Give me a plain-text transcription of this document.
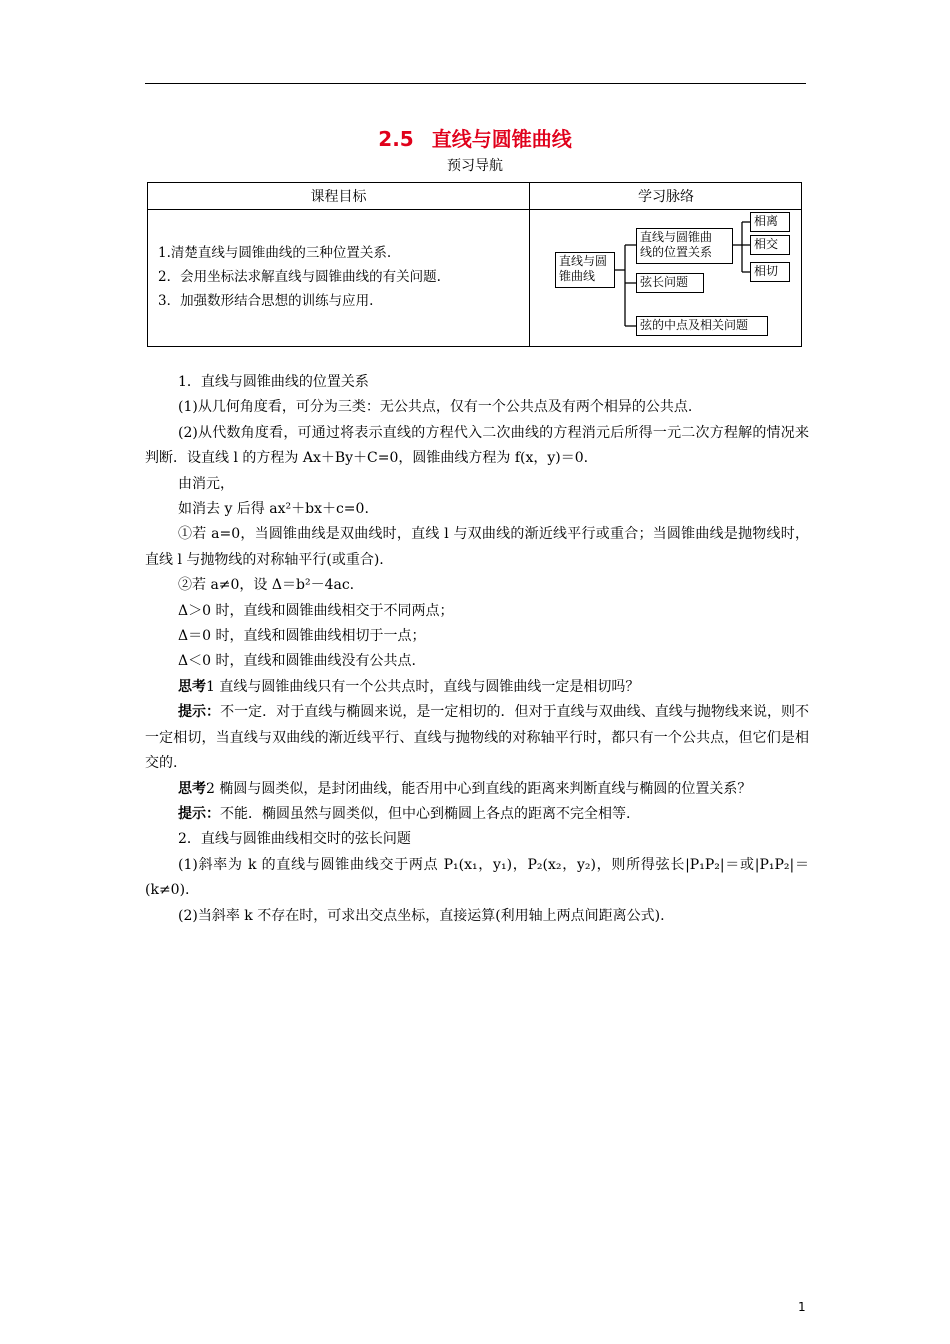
2.5 直线与圆锥曲线
预习导航
课程目标	学习脉络
1.清楚直线与圆锥曲线的三种位置关系.
2．会用坐标法求解直线与圆锥曲线的有关问题.
3．加强数形结合思想的训练与应用.
直线与圆
锥曲线
直线与圆锥曲
线的位置关系
相离
相交
相切
弦长问题
弦的中点及相关问题

1．直线与圆锥曲线的位置关系

(1)从几何角度看，可分为三类：无公共点，仅有一个公共点及有两个相异的公共点.

(2)从代数角度看，可通过将表示直线的方程代入二次曲线的方程消元后所得一元二次方程解的情况来判断．设直线 l 的方程为 Ax＋By＋C=0，圆锥曲线方程为 f(x，y)＝0.

由消元，

如消去 y 后得 ax²＋bx＋c=0.

①若 a=0，当圆锥曲线是双曲线时，直线 l 与双曲线的渐近线平行或重合；当圆锥曲线是抛物线时，直线 l 与抛物线的对称轴平行(或重合).

②若 a≠0，设 Δ＝b²－4ac.

Δ＞0 时，直线和圆锥曲线相交于不同两点；

Δ＝0 时，直线和圆锥曲线相切于一点；

Δ＜0 时，直线和圆锥曲线没有公共点.

思考1 直线与圆锥曲线只有一个公共点时，直线与圆锥曲线一定是相切吗？

提示：不一定．对于直线与椭圆来说，是一定相切的．但对于直线与双曲线、直线与抛物线来说，则不一定相切，当直线与双曲线的渐近线平行、直线与抛物线的对称轴平行时，都只有一个公共点，但它们是相交的.

思考2 椭圆与圆类似，是封闭曲线，能否用中心到直线的距离来判断直线与椭圆的位置关系？

提示：不能．椭圆虽然与圆类似，但中心到椭圆上各点的距离不完全相等.

2．直线与圆锥曲线相交时的弦长问题

(1)斜率为 k 的直线与圆锥曲线交于两点 P₁(x₁，y₁)，P₂(x₂，y₂)，则所得弦长|P₁P₂|＝或|P₁P₂|＝(k≠0).

(2)当斜率 k 不存在时，可求出交点坐标，直接运算(利用轴上两点间距离公式).

1
